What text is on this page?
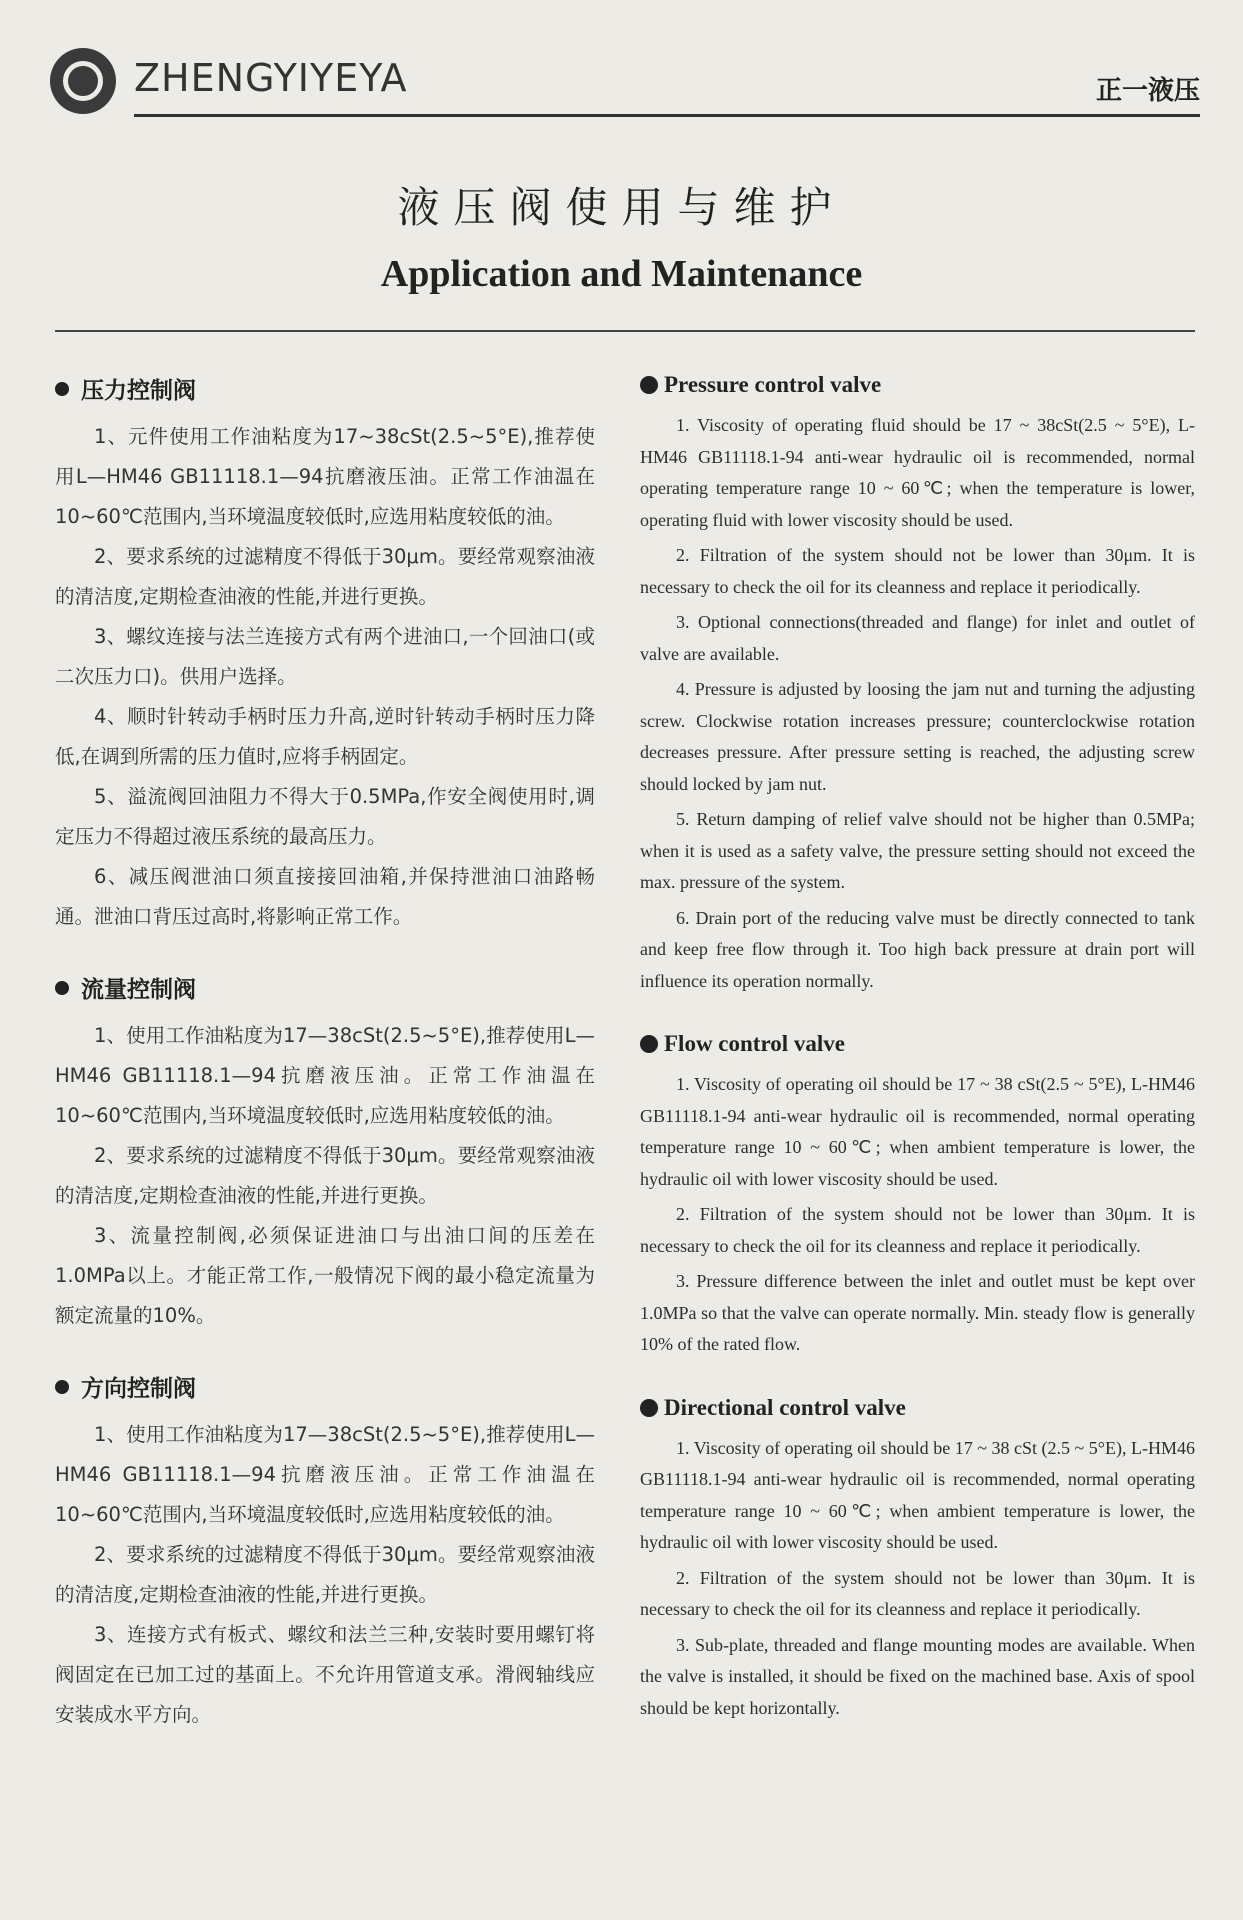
ZHENGYIYEYA	正一液压
液压阀使用与维护
Application and Maintenance
压力控制阀

1、元件使用工作油粘度为17~38cSt(2.5~5°E),推荐使用L—HM46 GB11118.1—94抗磨液压油。正常工作油温在10~60℃范围内,当环境温度较低时,应选用粘度较低的油。

2、要求系统的过滤精度不得低于30μm。要经常观察油液的清洁度,定期检查油液的性能,并进行更换。

3、螺纹连接与法兰连接方式有两个进油口,一个回油口(或二次压力口)。供用户选择。

4、顺时针转动手柄时压力升高,逆时针转动手柄时压力降低,在调到所需的压力值时,应将手柄固定。

5、溢流阀回油阻力不得大于0.5MPa,作安全阀使用时,调定压力不得超过液压系统的最高压力。

6、减压阀泄油口须直接接回油箱,并保持泄油口油路畅通。泄油口背压过高时,将影响正常工作。

流量控制阀

1、使用工作油粘度为17—38cSt(2.5~5°E),推荐使用L—HM46 GB11118.1—94抗磨液压油。正常工作油温在10~60℃范围内,当环境温度较低时,应选用粘度较低的油。

2、要求系统的过滤精度不得低于30μm。要经常观察油液的清洁度,定期检查油液的性能,并进行更换。

3、流量控制阀,必须保证进油口与出油口间的压差在1.0MPa以上。才能正常工作,一般情况下阀的最小稳定流量为额定流量的10%。

方向控制阀

1、使用工作油粘度为17—38cSt(2.5~5°E),推荐使用L—HM46 GB11118.1—94抗磨液压油。正常工作油温在10~60℃范围内,当环境温度较低时,应选用粘度较低的油。

2、要求系统的过滤精度不得低于30μm。要经常观察油液的清洁度,定期检查油液的性能,并进行更换。

3、连接方式有板式、螺纹和法兰三种,安装时要用螺钉将阀固定在已加工过的基面上。不允许用管道支承。滑阀轴线应安装成水平方向。

Pressure control valve

1. Viscosity of operating fluid should be 17 ~ 38cSt(2.5 ~ 5°E), L-HM46 GB11118.1-94 anti-wear hydraulic oil is recommended, normal operating temperature range 10 ~ 60℃; when the temperature is lower, operating fluid with lower viscosity should be used.

2. Filtration of the system should not be lower than 30μm. It is necessary to check the oil for its cleanness and replace it periodically.

3. Optional connections(threaded and flange) for inlet and outlet of valve are available.

4. Pressure is adjusted by loosing the jam nut and turning the adjusting screw. Clockwise rotation increases pressure; counterclockwise rotation decreases pressure. After pressure setting is reached, the adjusting screw should locked by jam nut.

5. Return damping of relief valve should not be higher than 0.5MPa; when it is used as a safety valve, the pressure setting should not exceed the max. pressure of the system.

6. Drain port of the reducing valve must be directly connected to tank and keep free flow through it. Too high back pressure at drain port will influence its operation normally.

Flow control valve

1. Viscosity of operating oil should be 17 ~ 38 cSt(2.5 ~ 5°E), L-HM46 GB11118.1-94 anti-wear hydraulic oil is recommended, normal operating temperature range 10 ~ 60℃; when ambient temperature is lower, the hydraulic oil with lower viscosity should be used.

2. Filtration of the system should not be lower than 30μm. It is necessary to check the oil for its cleanness and replace it periodically.

3. Pressure difference between the inlet and outlet must be kept over 1.0MPa so that the valve can operate normally. Min. steady flow is generally 10% of the rated flow.

Directional control valve

1. Viscosity of operating oil should be 17 ~ 38 cSt (2.5 ~ 5°E), L-HM46 GB11118.1-94 anti-wear hydraulic oil is recommended, normal operating temperature range 10 ~ 60℃; when ambient temperature is lower, the hydraulic oil with lower viscosity should be used.

2. Filtration of the system should not be lower than 30μm. It is necessary to check the oil for its cleanness and replace it periodically.

3. Sub-plate, threaded and flange mounting modes are available. When the valve is installed, it should be fixed on the machined base. Axis of spool should be kept horizontally.
